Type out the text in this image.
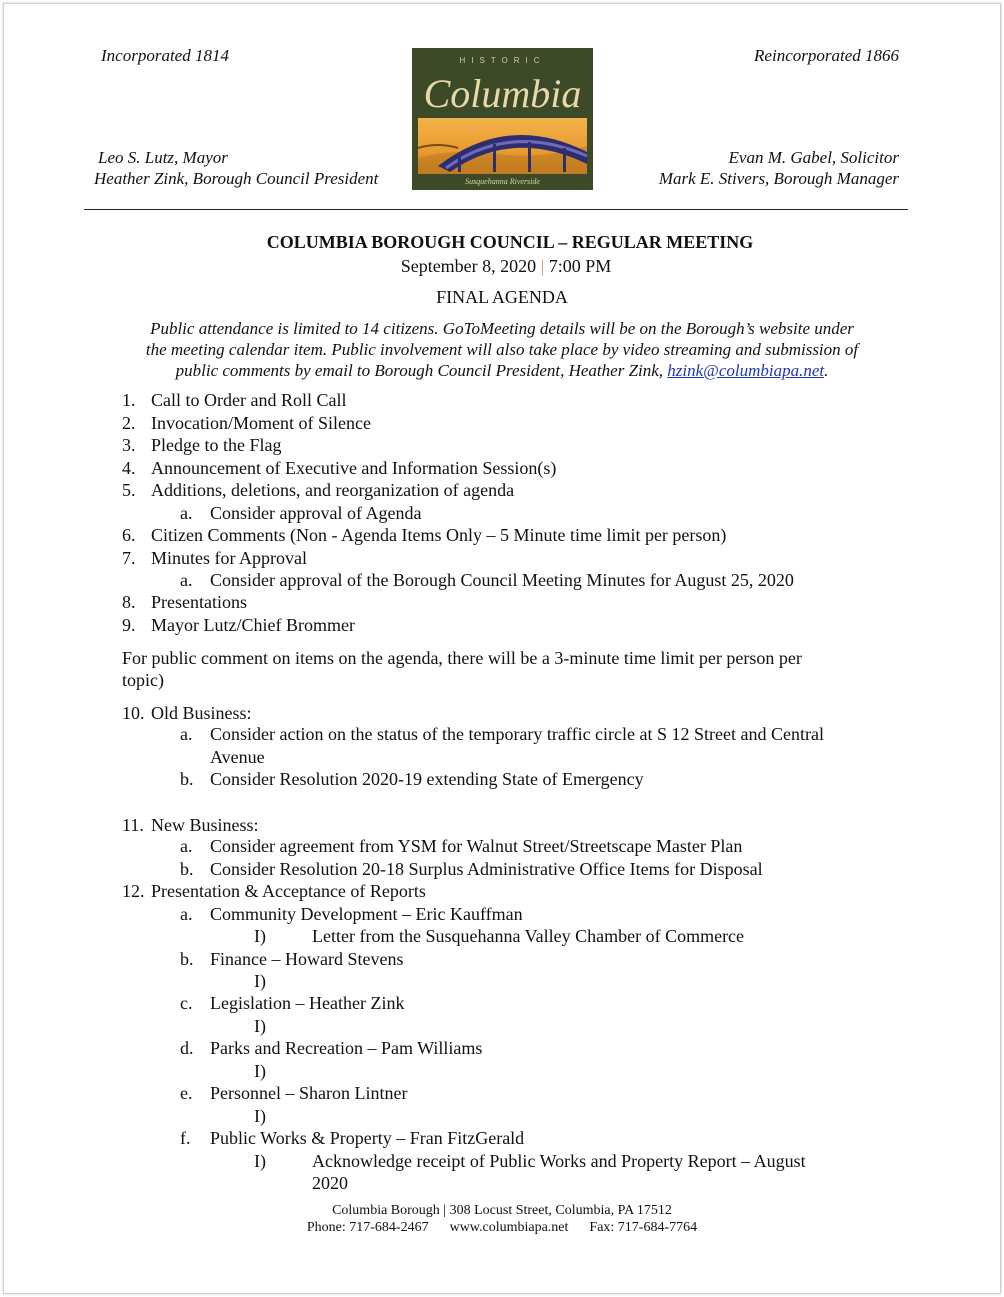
Incorporated 1814	Reincorporated 1866
Leo S. Lutz, Mayor
Heather Zink, Borough Council President
Evan M. Gabel, Solicitor
Mark E. Stivers, Borough Manager
HISTORIC
Columbia
Susquehanna Riverside
COLUMBIA BOROUGH COUNCIL – REGULAR MEETING
September 8, 2020 | 7:00 PM
FINAL AGENDA
Public attendance is limited to 14 citizens. GoToMeeting details will be on the Borough’s website under
the meeting calendar item. Public involvement will also take place by video streaming and submission of
public comments by email to Borough Council President, Heather Zink, hzink@columbiapa.net.
1. Call to Order and Roll Call
2. Invocation/Moment of Silence
3. Pledge to the Flag
4. Announcement of Executive and Information Session(s)
5. Additions, deletions, and reorganization of agenda
a. Consider approval of Agenda
6. Citizen Comments (Non - Agenda Items Only – 5 Minute time limit per person)
7. Minutes for Approval
a. Consider approval of the Borough Council Meeting Minutes for August 25, 2020
8. Presentations
9. Mayor Lutz/Chief Brommer
For public comment on items on the agenda, there will be a 3-minute time limit per person per
topic)
10. Old Business:
a. Consider action on the status of the temporary traffic circle at S 12 Street and Central
Avenue
b. Consider Resolution 2020-19 extending State of Emergency
11. New Business:
a. Consider agreement from YSM for Walnut Street/Streetscape Master Plan
b. Consider Resolution 20-18 Surplus Administrative Office Items for Disposal
12. Presentation & Acceptance of Reports
a. Community Development – Eric Kauffman
I)	Letter from the Susquehanna Valley Chamber of Commerce
b. Finance – Howard Stevens
I)
c. Legislation – Heather Zink
I)
d. Parks and Recreation – Pam Williams
I)
e. Personnel – Sharon Lintner
I)
f. Public Works & Property – Fran FitzGerald
I)	Acknowledge receipt of Public Works and Property Report – August
2020
Columbia Borough | 308 Locust Street, Columbia, PA 17512
Phone: 717-684-2467 www.columbiapa.net Fax: 717-684-7764
